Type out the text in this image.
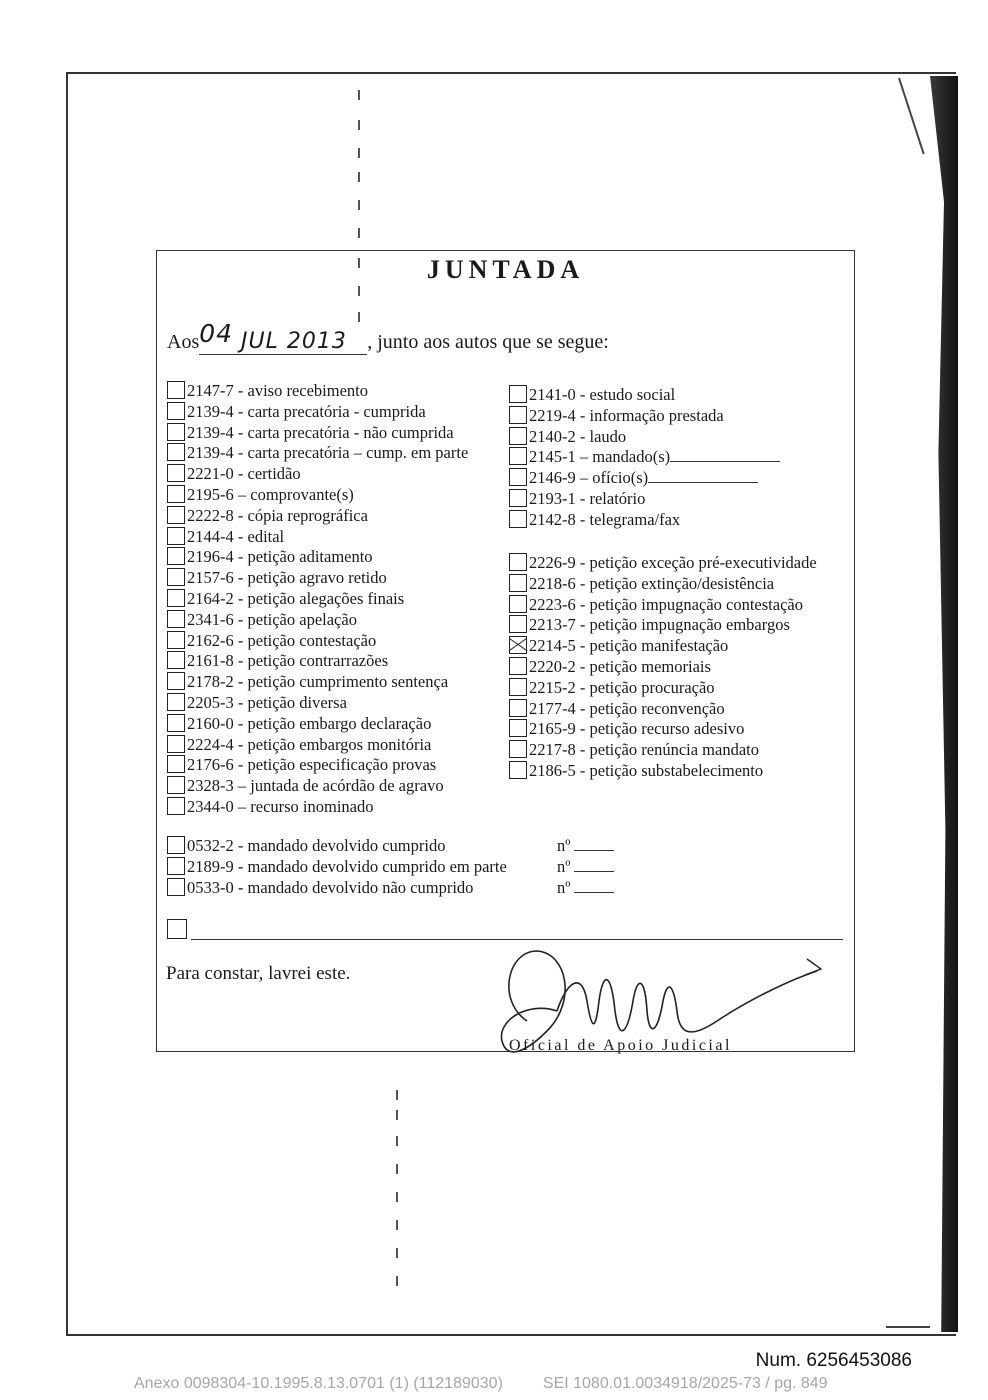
JUNTADA
Aos04 JUL 2013 , junto aos autos que se segue:
2147-7 - aviso recebimento
2139-4 - carta precatória - cumprida
2139-4 - carta precatória - não cumprida
2139-4 - carta precatória – cump. em parte
2221-0 - certidão
2195-6 – comprovante(s)
2222-8 - cópia reprográfica
2144-4 - edital
2196-4 - petição aditamento
2157-6 - petição agravo retido
2164-2 - petição alegações finais
2341-6 - petição apelação
2162-6 - petição contestação
2161-8 - petição contrarrazões
2178-2 - petição cumprimento sentença
2205-3 - petição diversa
2160-0 - petição embargo declaração
2224-4 - petição embargos monitória
2176-6 - petição especificação provas
2328-3 – juntada de acórdão de agravo
2344-0 – recurso inominado
2141-0 - estudo social
2219-4 - informação prestada
2140-2 - laudo
2145-1 – mandado(s)
2146-9 – ofício(s)
2193-1 - relatório
2142-8 - telegrama/fax
2226-9 - petição exceção pré-executividade
2218-6 - petição extinção/desistência
2223-6 - petição impugnação contestação
2213-7 - petição impugnação embargos
2214-5 - petição manifestação
2220-2 - petição memoriais
2215-2 - petição procuração
2177-4 - petição reconvenção
2165-9 - petição recurso adesivo
2217-8 - petição renúncia mandato
2186-5 - petição substabelecimento
0532-2 - mandado devolvido cumprido	nº
2189-9 - mandado devolvido cumprido em parte	nº
0533-0 - mandado devolvido não cumprido	nº
Para constar, lavrei este.
Oficial de Apoio Judicial
Num. 6256453086
Anexo 0098304-10.1995.8.13.0701 (1) (112189030)	SEI 1080.01.0034918/2025-73 / pg. 849
